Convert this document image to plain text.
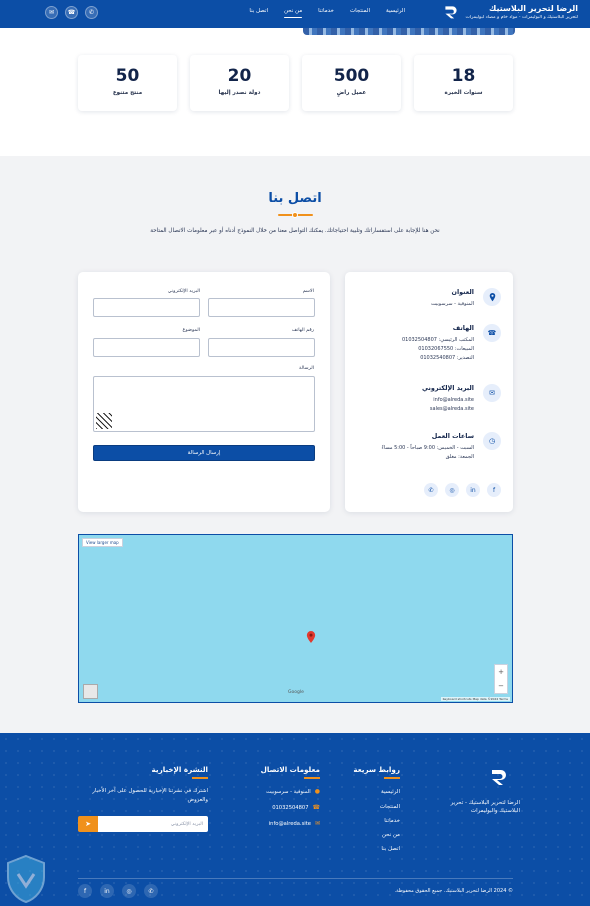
الرضا لتحرير البلاستيك
لتحرير البلاستيك و البوليمرات - مواد خام و مصاد لبوليمرات
الرئيسية
المنتجات
خدماتنا
من نحن
اتصل بنا
✆
☎
✉
18
سنوات الخبرة
500
عميل راضٍ
20
دولة نصدر إليها
50
منتج متنوع
اتصل بنا

نحن هنا للإجابة على استفساراتك وتلبية احتياجاتك. يمكنك التواصل معنا من خلال النموذج أدناه أو عبر معلومات الاتصال المتاحة

العنوان
المنوفية - سرسوبيت
☎
الهاتف
المكتب الرئيسي: 01032504807
المبيعات: 01032067550
التصدير: 01032540807
✉
البريد الإلكتروني
info@alreda.site
sales@alreda.site
◷
ساعات العمل
السبت - الخميس: 9:00 صباحاً - 5:00 مساءً
الجمعة: مغلق
f
in
◎
✆
الاسم
البريد الإلكتروني
رقم الهاتف
الموضوع
الرسالة
إرسال الرسالة
View larger map
+
−
Google
Keyboard shortcuts Map data ©2024 Terms

الرضا لتحرير البلاستيك - تحرير البلاستيك والبوليمرات

روابط سريعة
الرئيسية
المنتجات
خدماتنا
من نحن
اتصل بنا
معلومات الاتصال
●
المنوفية - سرسوبيت
☎
01032504807
✉
info@alreda.site
النشرة الإخبارية

اشترك في نشرتنا الإخبارية للحصول على آخر الأخبار والعروض

البريد الإلكتروني
➤

© 2024 الرضا لتحرير البلاستيك. جميع الحقوق محفوظة.

✆
◎
in
f
